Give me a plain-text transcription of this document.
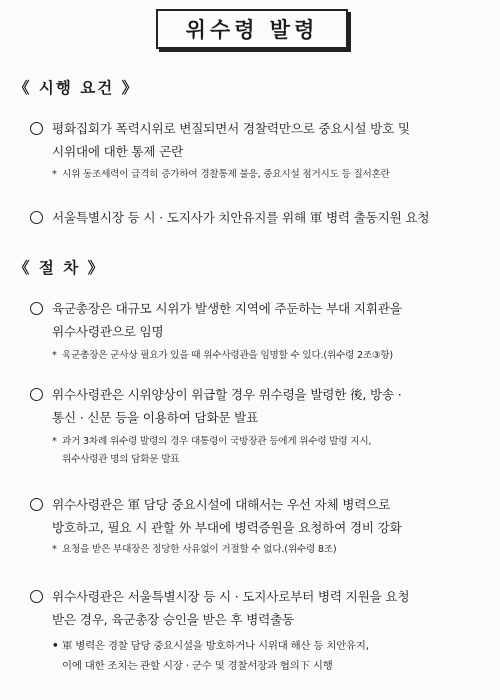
위수령 발령
《 시행 요건 》
평화집회가 폭력시위로 변질되면서 경찰력만으로 중요시설 방호 및
시위대에 대한 통제 곤란
* 시위 동조세력이 급격히 증가하여 경찰통제 불응, 중요시설 점거시도 등 질서혼란
서울특별시장 등 시 · 도지사가 치안유지를 위해 軍 병력 출동지원 요청
《 절 차 》
육군총장은 대규모 시위가 발생한 지역에 주둔하는 부대 지휘관을
위수사령관으로 임명
* 육군총장은 군사상 필요가 있을 때 위수사령관을 임명할 수 있다.(위수령 2조③항)
위수사령관은 시위양상이 위급할 경우 위수령을 발령한 後, 방송 ·
통신 · 신문 등을 이용하여 담화문 발표
* 과거 3차례 위수령 발령의 경우 대통령이 국방장관 등에게 위수령 발령 지시,
위수사령관 명의 담화문 발표
위수사령관은 軍 담당 중요시설에 대해서는 우선 자체 병력으로
방호하고, 필요 시 관할 外 부대에 병력증원을 요청하여 경비 강화
* 요청을 받은 부대장은 정당한 사유없이 거절할 수 없다.(위수령 8조)
위수사령관은 서울특별시장 등 시 · 도지사로부터 병력 지원을 요청
받은 경우, 육군총장 승인을 받은 후 병력출동
• 軍 병력은 경찰 담당 중요시설을 방호하거나 시위대 해산 등 치안유지,
이에 대한 조치는 관할 시장 · 군수 및 경찰서장과 협의下 시행
